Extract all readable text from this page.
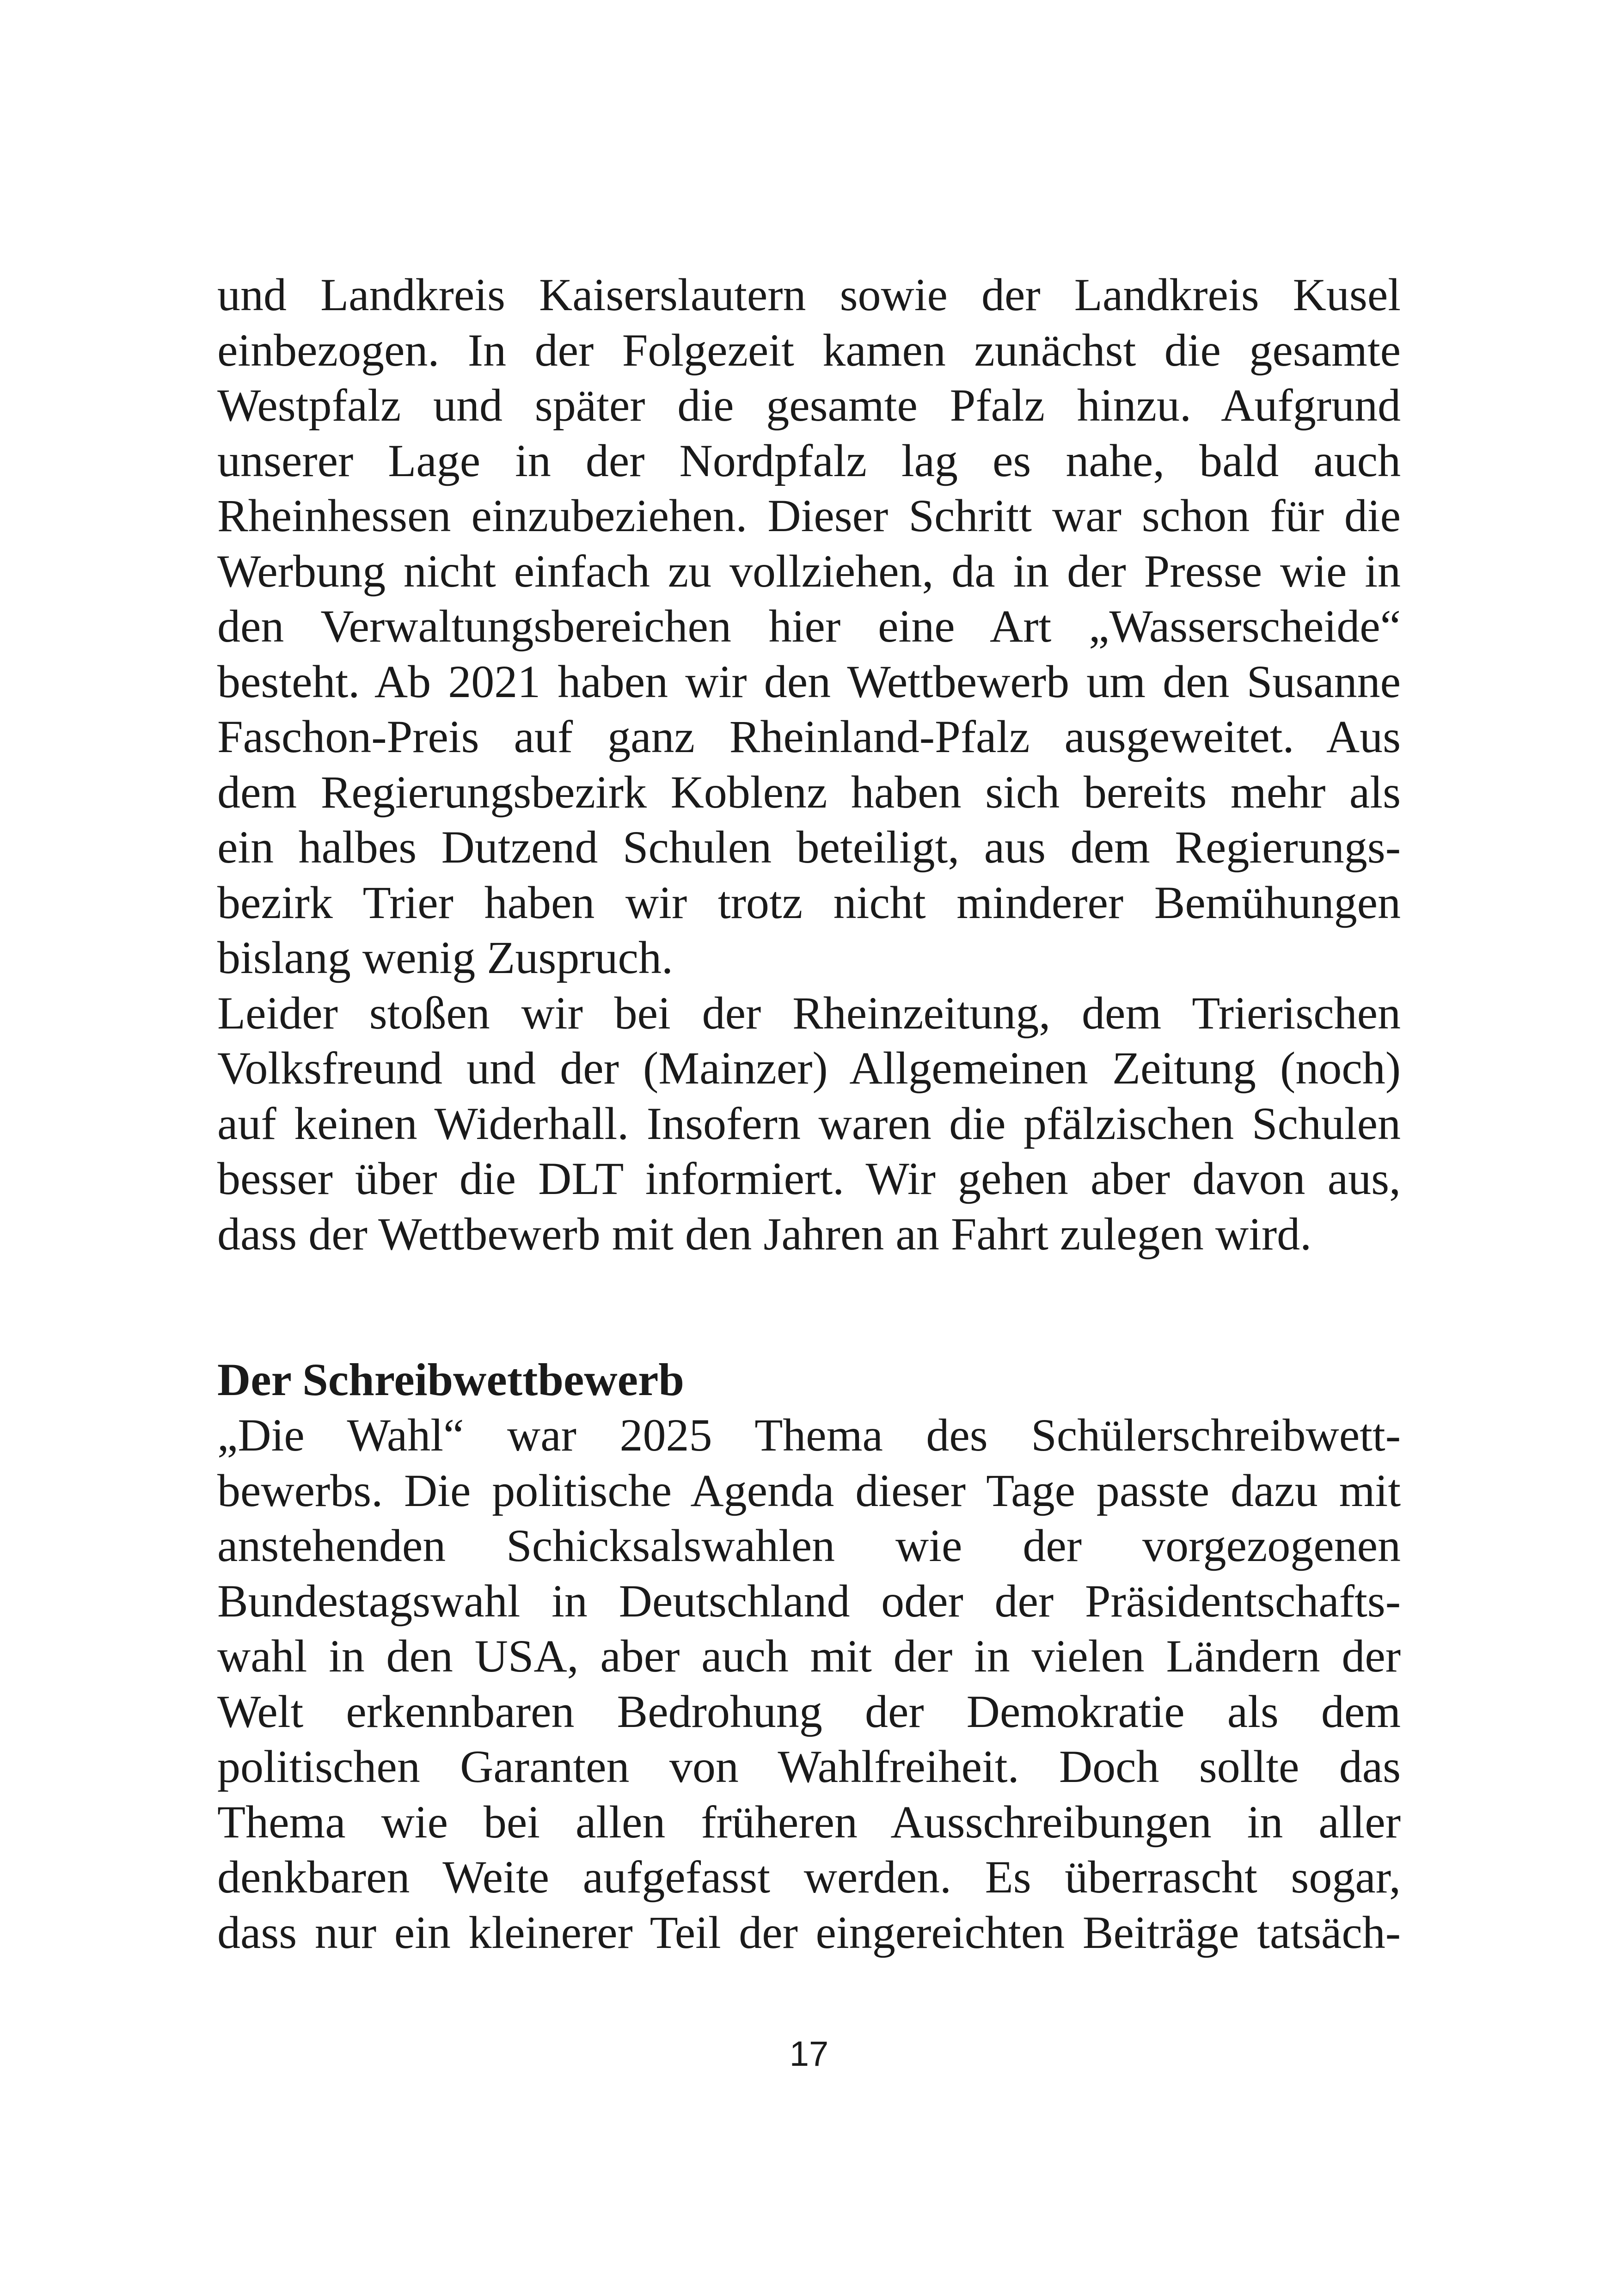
und Landkreis Kaiserslautern sowie der Landkreis Kusel
einbezogen. In der Folgezeit kamen zunächst die gesamte
Westpfalz und später die gesamte Pfalz hinzu. Aufgrund
unserer Lage in der Nordpfalz lag es nahe, bald auch
Rheinhessen einzubeziehen. Dieser Schritt war schon für die
Werbung nicht einfach zu vollziehen, da in der Presse wie in
den Verwaltungsbereichen hier eine Art „Wasserscheide“
besteht. Ab 2021 haben wir den Wettbewerb um den Susanne
Faschon-Preis auf ganz Rheinland-Pfalz ausgeweitet. Aus
dem Regierungsbezirk Koblenz haben sich bereits mehr als
ein halbes Dutzend Schulen beteiligt, aus dem Regierungs-
bezirk Trier haben wir trotz nicht minderer Bemühungen
bislang wenig Zuspruch.
Leider stoßen wir bei der Rheinzeitung, dem Trierischen
Volksfreund und der (Mainzer) Allgemeinen Zeitung (noch)
auf keinen Widerhall. Insofern waren die pfälzischen Schulen
besser über die DLT informiert. Wir gehen aber davon aus,
dass der Wettbewerb mit den Jahren an Fahrt zulegen wird.
Der Schreibwettbewerb
„Die Wahl“ war 2025 Thema des Schülerschreibwett-
bewerbs. Die politische Agenda dieser Tage passte dazu mit
anstehenden Schicksalswahlen wie der vorgezogenen
Bundestagswahl in Deutschland oder der Präsidentschafts-
wahl in den USA, aber auch mit der in vielen Ländern der
Welt erkennbaren Bedrohung der Demokratie als dem
politischen Garanten von Wahlfreiheit. Doch sollte das
Thema wie bei allen früheren Ausschreibungen in aller
denkbaren Weite aufgefasst werden. Es überrascht sogar,
dass nur ein kleinerer Teil der eingereichten Beiträge tatsäch-
17
